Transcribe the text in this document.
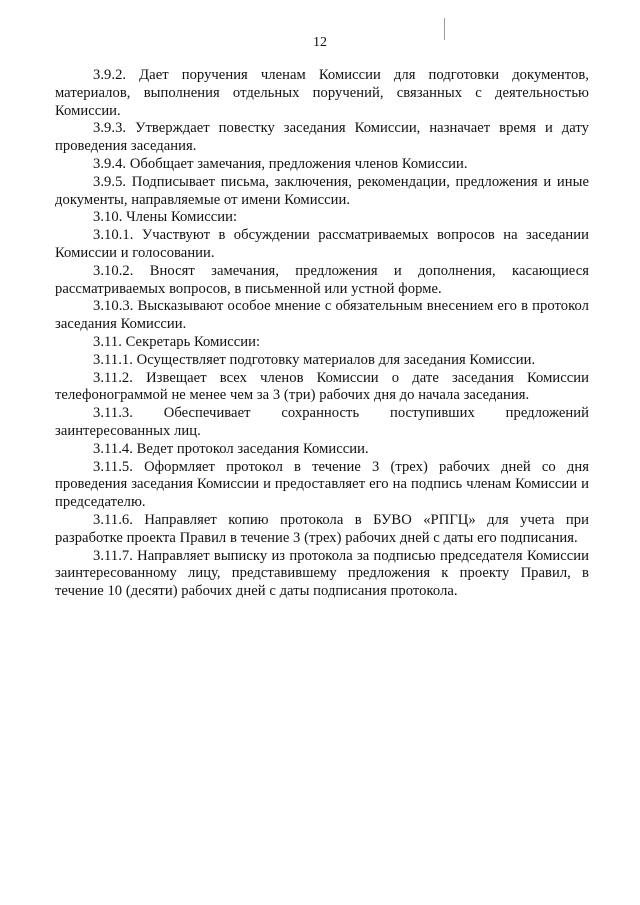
12

3.9.2. Дает поручения членам Комиссии для подготовки документов, материалов, выполнения отдельных поручений, связанных с деятельностью Комиссии.

3.9.3. Утверждает повестку заседания Комиссии, назначает время и дату проведения заседания.

3.9.4. Обобщает замечания, предложения членов Комиссии.

3.9.5. Подписывает письма, заключения, рекомендации, предложения и иные документы, направляемые от имени Комиссии.

3.10. Члены Комиссии:

3.10.1. Участвуют в обсуждении рассматриваемых вопросов на заседании Комиссии и голосовании.

3.10.2. Вносят замечания, предложения и дополнения, касающиеся рассматриваемых вопросов, в письменной или устной форме.

3.10.3. Высказывают особое мнение с обязательным внесением его в протокол заседания Комиссии.

3.11. Секретарь Комиссии:

3.11.1. Осуществляет подготовку материалов для заседания Комиссии.

3.11.2. Извещает всех членов Комиссии о дате заседания Комиссии телефонограммой не менее чем за 3 (три) рабочих дня до начала заседания.

3.11.3. Обеспечивает сохранность поступивших предложений заинтересованных лиц.

3.11.4. Ведет протокол заседания Комиссии.

3.11.5. Оформляет протокол в течение 3 (трех) рабочих дней со дня проведения заседания Комиссии и предоставляет его на подпись членам Комиссии и председателю.

3.11.6. Направляет копию протокола в БУВО «РПГЦ» для учета при разработке проекта Правил в течение 3 (трех) рабочих дней с даты его подписания.

3.11.7. Направляет выписку из протокола за подписью председателя Комиссии заинтересованному лицу, представившему предложения к проекту Правил, в течение 10 (десяти) рабочих дней с даты подписания протокола.
